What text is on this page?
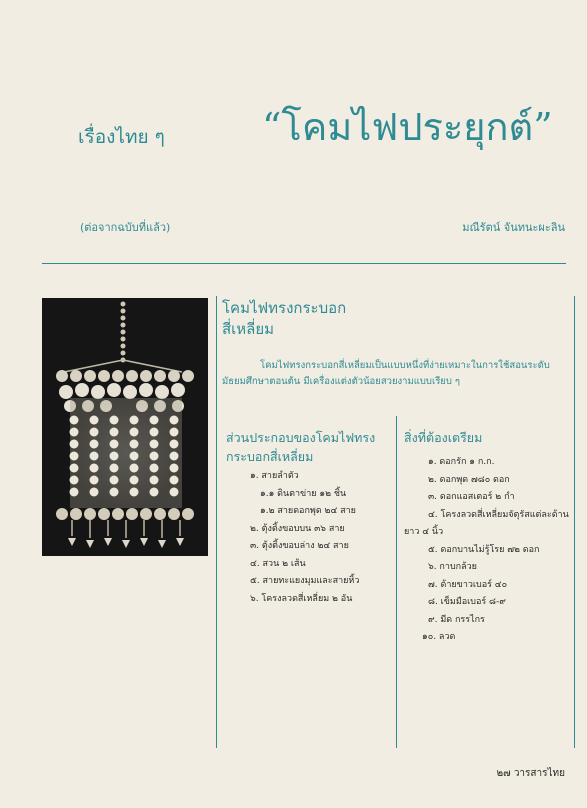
เรื่องไทย ๆ	“โคมไฟประยุกต์”
(ต่อจากฉบับที่แล้ว)	มณีรัตน์ จันทนะผะลิน

โคมไฟทรงกระบอก

สี่เหลี่ยม

โคมไฟทรงกระบอกสี่เหลี่ยมเป็นแบบหนึ่งที่ง่ายเหมาะในการใช้สอนระดับ
มัธยมศึกษาตอนต้น มีเครื่องแต่งตัวน้อยสวยงามแบบเรียบ ๆ
ส่วนประกอบของโคมไฟทรง
กระบอกสี่เหลี่ยม
๑. สายลำตัว
๑.๑ ดินตาข่าย ๑๒ ชิ้น
๑.๒ สายดอกพุด ๒๔ สาย
๒. ตุ้งติ้งขอบบน ๓๖ สาย
๓. ตุ้งติ้งขอบล่าง ๒๔ สาย
๔. สวน ๒ เส้น
๕. สายทะแยงมุมและสายหิ้ว
๖. โครงลวดสี่เหลี่ยม ๒ อัน
สิ่งที่ต้องเตรียม
๑. ดอกรัก ๑ ก.ก.
๒. ดอกพุด ๗๘๐ ดอก
๓. ดอกแอสเตอร์ ๒ กำ
๔. โครงลวดสี่เหลี่ยมจัตุรัสแต่ละด้าน
ยาว ๔ นิ้ว
๕. ดอกบานไม่รู้โรย ๗๒ ดอก
๖. กาบกล้วย
๗. ด้ายขาวเบอร์ ๔๐
๘. เข็มมือเบอร์ ๘-๙
๙. มีด กรรไกร
๑๐. ลวด
๒๗ วารสารไทย
